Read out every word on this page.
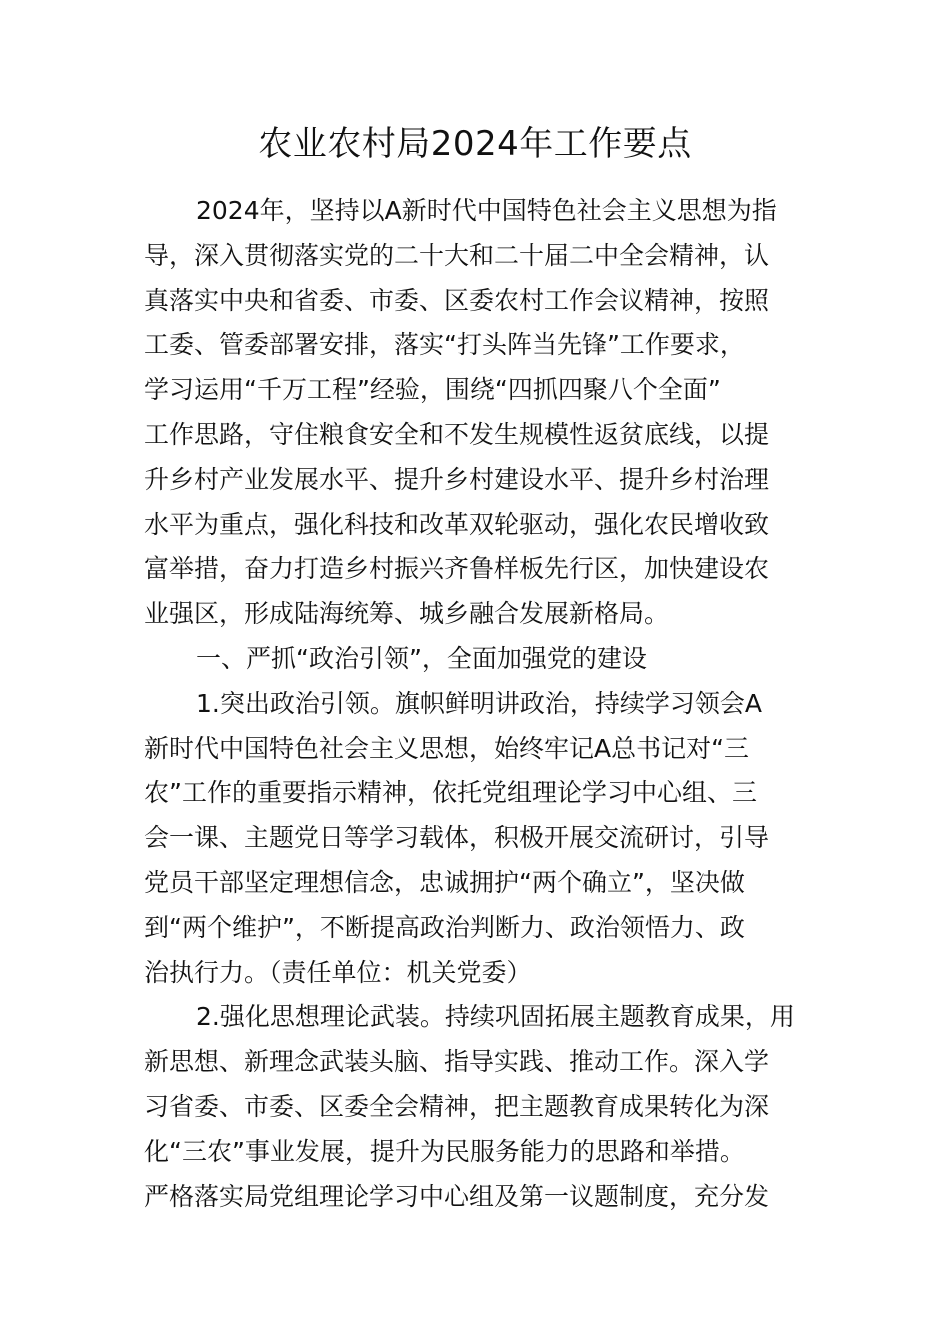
农业农村局2024年工作要点

2024年，坚持以A新时代中国特色社会主义思想为指

导，深入贯彻落实党的二十大和二十届二中全会精神，认

真落实中央和省委、市委、区委农村工作会议精神，按照

工委、管委部署安排，落实“打头阵当先锋”工作要求，

学习运用“千万工程”经验，围绕“四抓四聚八个全面”

工作思路，守住粮食安全和不发生规模性返贫底线，以提

升乡村产业发展水平、提升乡村建设水平、提升乡村治理

水平为重点，强化科技和改革双轮驱动，强化农民增收致

富举措，奋力打造乡村振兴齐鲁样板先行区，加快建设农

业强区，形成陆海统筹、城乡融合发展新格局。

一、严抓“政治引领”，全面加强党的建设

1.突出政治引领。旗帜鲜明讲政治，持续学习领会A

新时代中国特色社会主义思想，始终牢记A总书记对“三

农”工作的重要指示精神，依托党组理论学习中心组、三

会一课、主题党日等学习载体，积极开展交流研讨，引导

党员干部坚定理想信念，忠诚拥护“两个确立”，坚决做

到“两个维护”，不断提高政治判断力、政治领悟力、政

治执行力。（责任单位：机关党委）

2.强化思想理论武装。持续巩固拓展主题教育成果，用

新思想、新理念武装头脑、指导实践、推动工作。深入学

习省委、市委、区委全会精神，把主题教育成果转化为深

化“三农”事业发展，提升为民服务能力的思路和举措。

严格落实局党组理论学习中心组及第一议题制度，充分发
